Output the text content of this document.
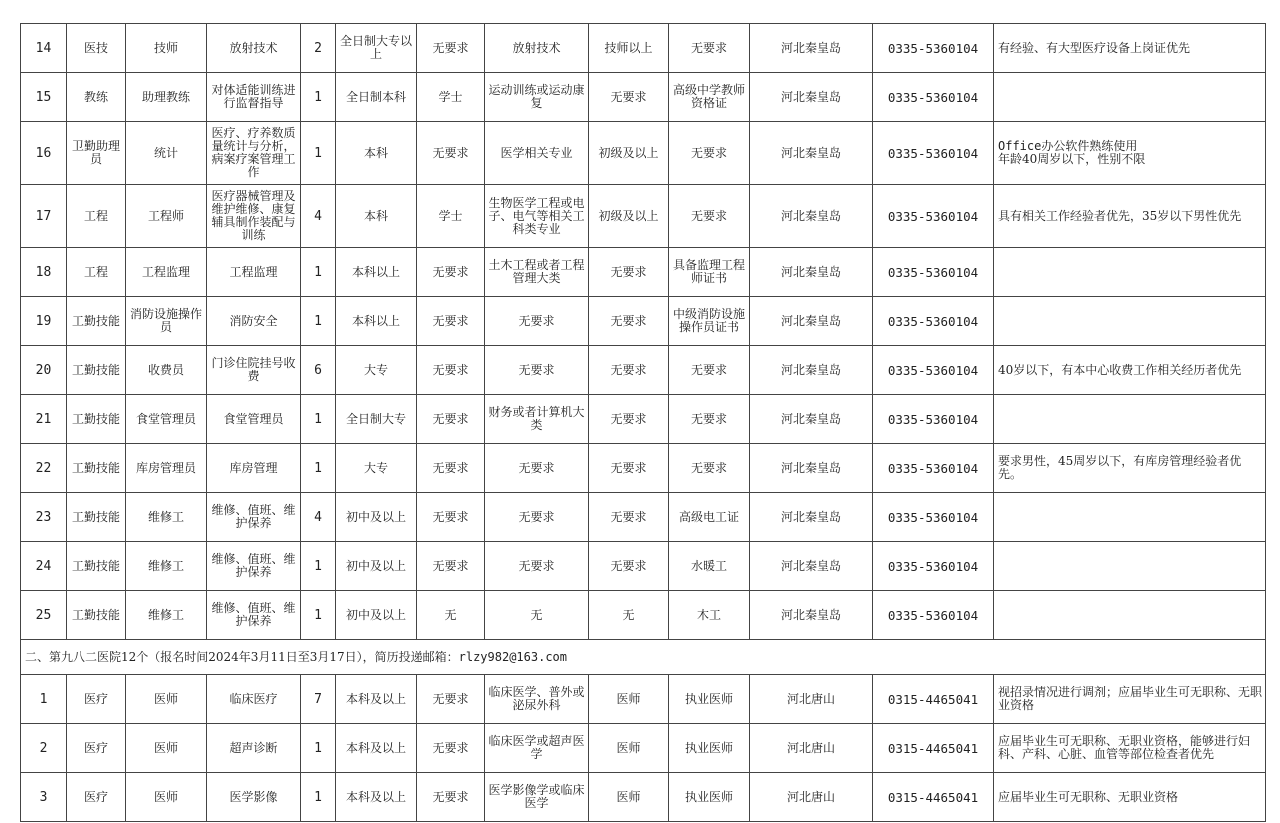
14	医技	技师	放射技术	2	全日制大专以上	无要求	放射技术	技师以上	无要求	河北秦皇岛	0335-5360104	有经验、有大型医疗设备上岗证优先
15	教练	助理教练	对体适能训练进行监督指导	1	全日制本科	学士	运动训练或运动康复	无要求	高级中学教师资格证	河北秦皇岛	0335-5360104	
16	卫勤助理员	统计	医疗、疗养数质量统计与分析，病案疗案管理工作	1	本科	无要求	医学相关专业	初级及以上	无要求	河北秦皇岛	0335-5360104	Office办公软件熟练使用
年龄40周岁以下，性别不限

17	工程	工程师	医疗器械管理及维护维修、康复辅具制作装配与训练	4	本科	学士	生物医学工程或电子、电气等相关工科类专业	初级及以上	无要求	河北秦皇岛	0335-5360104	具有相关工作经验者优先，35岁以下男性优先
18	工程	工程监理	工程监理	1	本科以上	无要求	土木工程或者工程管理大类	无要求	具备监理工程师证书	河北秦皇岛	0335-5360104	
19	工勤技能	消防设施操作员	消防安全	1	本科以上	无要求	无要求	无要求	中级消防设施操作员证书	河北秦皇岛	0335-5360104	
20	工勤技能	收费员	门诊住院挂号收费	6	大专	无要求	无要求	无要求	无要求	河北秦皇岛	0335-5360104	40岁以下，有本中心收费工作相关经历者优先
21	工勤技能	食堂管理员	食堂管理员	1	全日制大专	无要求	财务或者计算机大类	无要求	无要求	河北秦皇岛	0335-5360104	
22	工勤技能	库房管理员	库房管理	1	大专	无要求	无要求	无要求	无要求	河北秦皇岛	0335-5360104	要求男性，45周岁以下，有库房管理经验者优先。
23	工勤技能	维修工	维修、值班、维护保养	4	初中及以上	无要求	无要求	无要求	高级电工证	河北秦皇岛	0335-5360104	
24	工勤技能	维修工	维修、值班、维护保养	1	初中及以上	无要求	无要求	无要求	水暖工	河北秦皇岛	0335-5360104	
25	工勤技能	维修工	维修、值班、维护保养	1	初中及以上	无	无	无	木工	河北秦皇岛	0335-5360104	
二、第九八二医院12个（报名时间2024年3月11日至3月17日），简历投递邮箱：rlzy982@163.com												
1	医疗	医师	临床医疗	7	本科及以上	无要求	临床医学、普外或泌尿外科	医师	执业医师	河北唐山	0315-4465041	视招录情况进行调剂；应届毕业生可无职称、无职业资格
2	医疗	医师	超声诊断	1	本科及以上	无要求	临床医学或超声医学	医师	执业医师	河北唐山	0315-4465041	应届毕业生可无职称、无职业资格，能够进行妇科、产科、心脏、血管等部位检查者优先
3	医疗	医师	医学影像	1	本科及以上	无要求	医学影像学或临床医学	医师	执业医师	河北唐山	0315-4465041	应届毕业生可无职称、无职业资格
